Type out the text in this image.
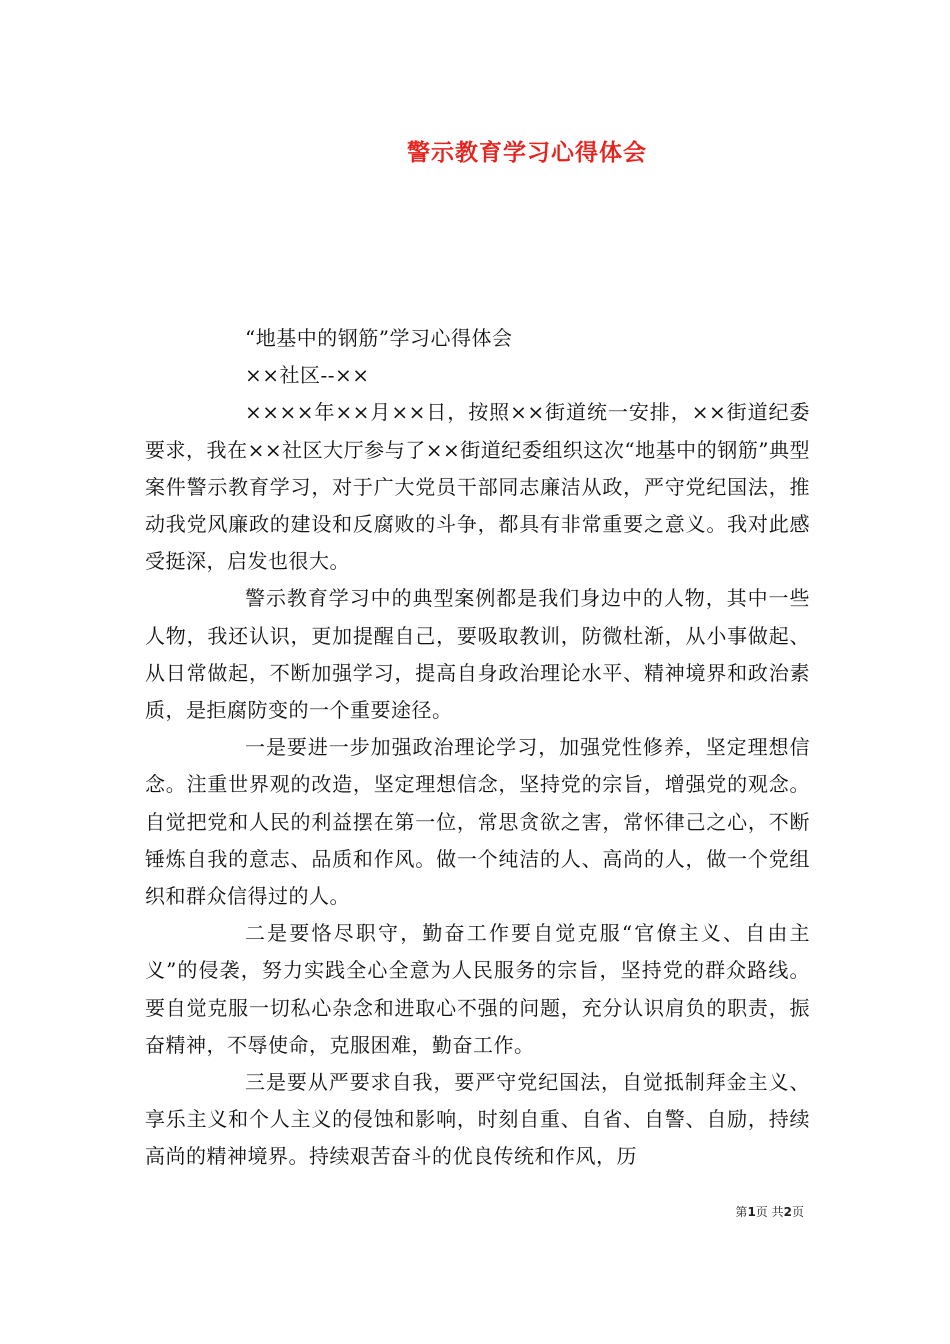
警示教育学习心得体会

“地基中的钢筋”学习心得体会

××社区--××

××××年××月××日，按照××街道统一安排，××街道纪委要求，我在××社区大厅参与了××街道纪委组织这次“地基中的钢筋”典型案件警示教育学习，对于广大党员干部同志廉洁从政，严守党纪国法，推动我党风廉政的建设和反腐败的斗争，都具有非常重要之意义。我对此感受挺深，启发也很大。

警示教育学习中的典型案例都是我们身边中的人物，其中一些人物，我还认识，更加提醒自己，要吸取教训，防微杜渐，从小事做起、从日常做起，不断加强学习，提高自身政治理论水平、精神境界和政治素质，是拒腐防变的一个重要途径。

一是要进一步加强政治理论学习，加强党性修养，坚定理想信念。注重世界观的改造，坚定理想信念，坚持党的宗旨，增强党的观念。自觉把党和人民的利益摆在第一位，常思贪欲之害，常怀律己之心，不断锤炼自我的意志、品质和作风。做一个纯洁的人、高尚的人，做一个党组织和群众信得过的人。

二是要恪尽职守，勤奋工作要自觉克服“官僚主义、自由主义”的侵袭，努力实践全心全意为人民服务的宗旨，坚持党的群众路线。要自觉克服一切私心杂念和进取心不强的问题，充分认识肩负的职责，振奋精神，不辱使命，克服困难，勤奋工作。

三是要从严要求自我，要严守党纪国法，自觉抵制拜金主义、享乐主义和个人主义的侵蚀和影响，时刻自重、自省、自警、自励，持续高尚的精神境界。持续艰苦奋斗的优良传统和作风，历

第1页 共2页
